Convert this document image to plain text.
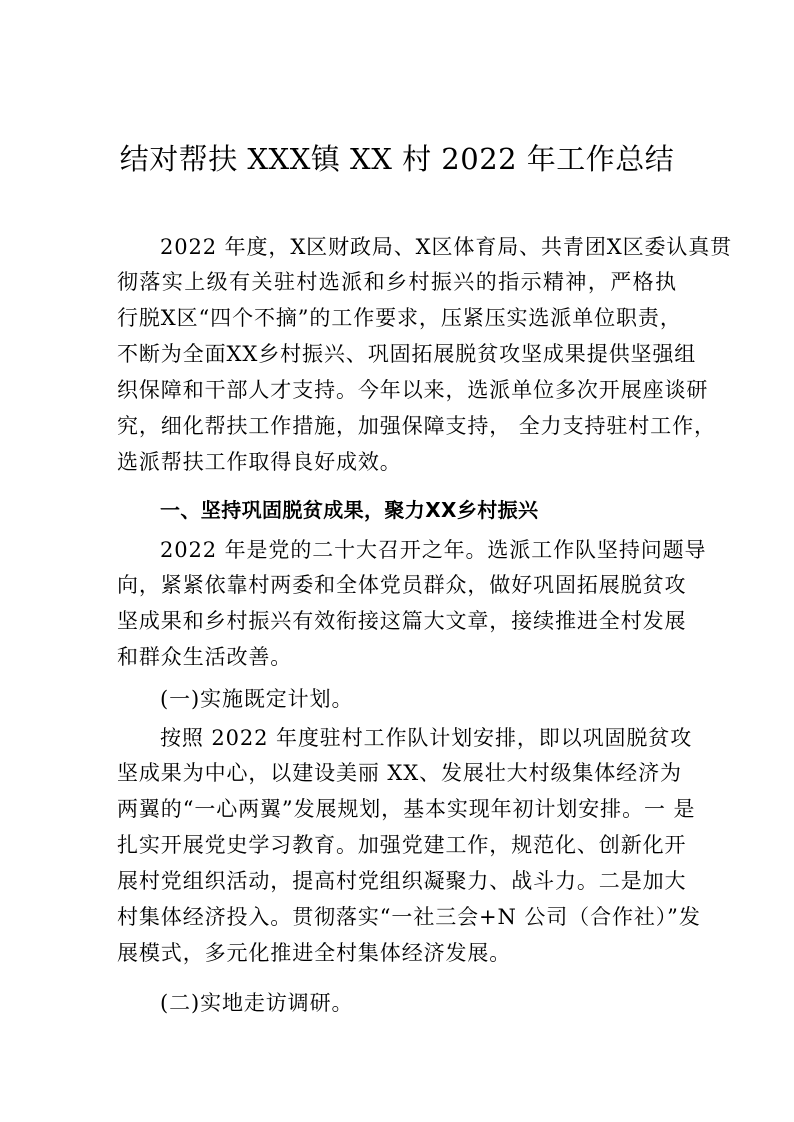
结对帮扶 XXX镇 XX 村 2022 年工作总结
2022 年度，X区财政局、X区体育局、共青团X区委认真贯
彻落实上级有关驻村选派和乡村振兴的指示精神，严格执
行脱X区“四个不摘”的工作要求，压紧压实选派单位职责，
不断为全面XX乡村振兴、巩固拓展脱贫攻坚成果提供坚强组
织保障和干部人才支持。今年以来，选派单位多次开展座谈研
究，细化帮扶工作措施，加强保障支持， 全力支持驻村工作，
选派帮扶工作取得良好成效。
一、坚持巩固脱贫成果，聚力XX乡村振兴
2022 年是党的二十大召开之年。选派工作队坚持问题导
向，紧紧依靠村两委和全体党员群众，做好巩固拓展脱贫攻
坚成果和乡村振兴有效衔接这篇大文章，接续推进全村发展
和群众生活改善。
(一)实施既定计划。
按照 2022 年度驻村工作队计划安排，即以巩固脱贫攻
坚成果为中心，以建设美丽 XX、发展壮大村级集体经济为
两翼的“一心两翼”发展规划，基本实现年初计划安排。一 是
扎实开展党史学习教育。加强党建工作，规范化、创新化开
展村党组织活动，提高村党组织凝聚力、战斗力。二是加大
村集体经济投入。贯彻落实“一社三会+N 公司（合作社）”发
展模式，多元化推进全村集体经济发展。
(二)实地走访调研。
